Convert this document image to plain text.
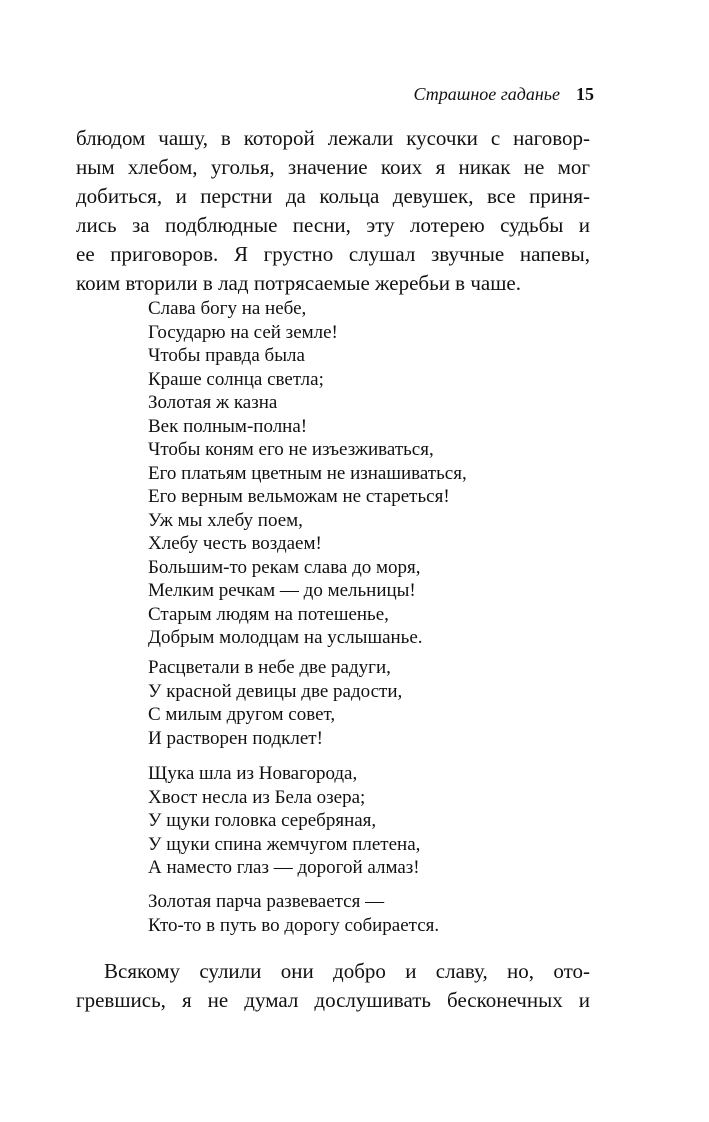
Страшное гаданье 15
блюдом чашу, в которой лежали кусочки с наговор-
ным хлебом, уголья, значение коих я никак не мог
добиться, и перстни да кольца девушек, все приня-
лись за подблюдные песни, эту лотерею судьбы и
ее приговоров. Я грустно слушал звучные напевы,
коим вторили в лад потрясаемые жеребьи в чаше.
Слава богу на небе,
Государю на сей земле!
Чтобы правда была
Краше солнца светла;
Золотая ж казна
Век полным-полна!
Чтобы коням его не изъезживаться,
Его платьям цветным не изнашиваться,
Его верным вельможам не стареться!
Уж мы хлебу поем,
Хлебу честь воздаем!
Большим-то рекам слава до моря,
Мелким речкам — до мельницы!
Старым людям на потешенье,
Добрым молодцам на услышанье.
Расцветали в небе две радуги,
У красной девицы две радости,
С милым другом совет,
И растворен подклет!
Щука шла из Новагорода,
Хвост несла из Бела озера;
У щуки головка серебряная,
У щуки спина жемчугом плетена,
А наместо глаз — дорогой алмаз!
Золотая парча развевается —
Кто-то в путь во дорогу собирается.
Всякому сулили они добро и славу, но, ото-
гревшись, я не думал дослушивать бесконечных и
